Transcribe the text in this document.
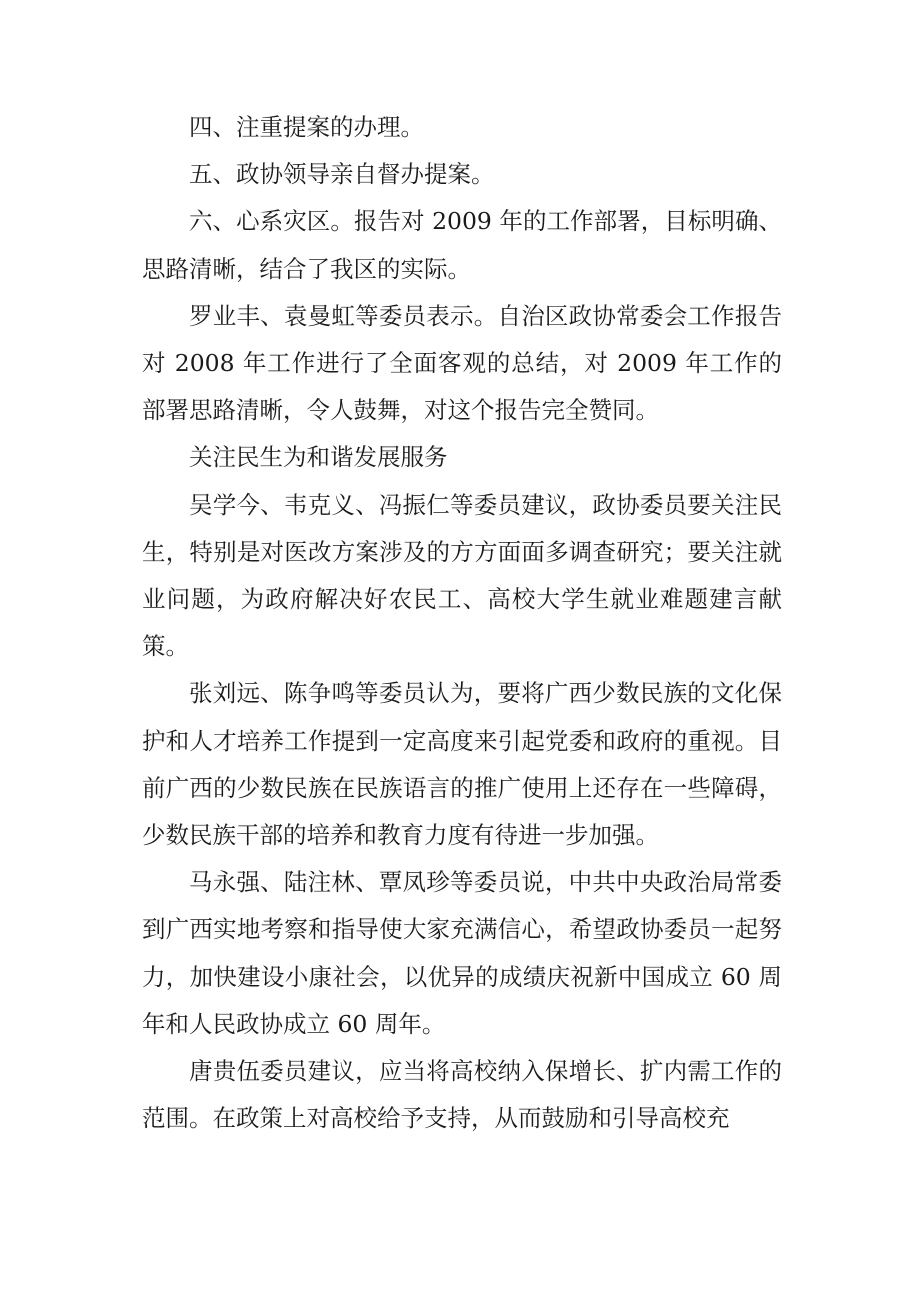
四、注重提案的办理。

五、政协领导亲自督办提案。

六、心系灾区。报告对 2009 年的工作部署，目标明确、思路清晰，结合了我区的实际。

罗业丰、袁曼虹等委员表示。自治区政协常委会工作报告对 2008 年工作进行了全面客观的总结，对 2009 年工作的部署思路清晰，令人鼓舞，对这个报告完全赞同。

关注民生为和谐发展服务

吴学今、韦克义、冯振仁等委员建议，政协委员要关注民生，特别是对医改方案涉及的方方面面多调查研究；要关注就业问题，为政府解决好农民工、高校大学生就业难题建言献策。

张刘远、陈争鸣等委员认为，要将广西少数民族的文化保护和人才培养工作提到一定高度来引起党委和政府的重视。目前广西的少数民族在民族语言的推广使用上还存在一些障碍，少数民族干部的培养和教育力度有待进一步加强。

马永强、陆注林、覃凤珍等委员说，中共中央政治局常委到广西实地考察和指导使大家充满信心，希望政协委员一起努力，加快建设小康社会，以优异的成绩庆祝新中国成立 60 周年和人民政协成立 60 周年。

唐贵伍委员建议，应当将高校纳入保增长、扩内需工作的范围。在政策上对高校给予支持，从而鼓励和引导高校充
